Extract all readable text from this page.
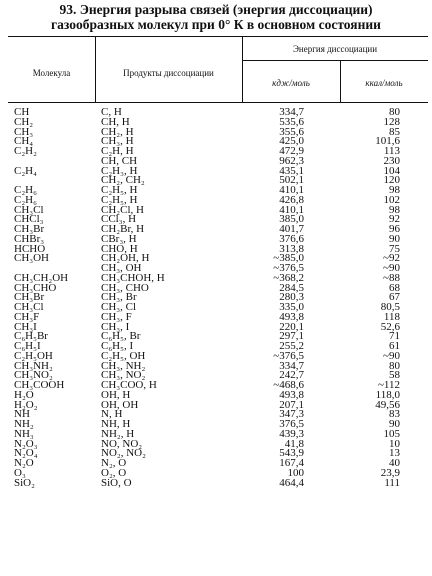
93. Энергия разрыва связей (энергия диссоциации)
газообразных молекул при 0° К в основном состоянии
Молекула	Продукты диссоциации
Энергия диссоциации
кдж/моль	ккал/моль
CH	C, H	334,7	80
CH₂	CH, H	535,6	128
CH₃	CH₂, H	355,6	85
CH₄	CH₃, H	425,0	101,6
C₂H₂	C₂H, H	472,9	113
	CH, CH	962,3	230
C₂H₄	C₂H₃, H	435,1	104
	CH₂, CH₂	502,1	120
C₂H₆	C₂H₅, H	410,1	98
C₂H₆	C₂H₅, H	426,8	102
CH₃Cl	CH₂Cl, H	410,1	98
CHCl₃	CCl₃, H	385,0	92
CH₃Br	CH₂Br, H	401,7	96
CHBr₃	CBr₃, H	376,6	90
HCHO	CHO, H	313,8	75
CH₃OH	CH₂OH, H	~385,0	~92
	CH₃, OH	~376,5	~90
CH₃CH₂OH	CH₃CHOH, H	~368,2	~88
CH₃CHO	CH₃, CHO	284,5	68
CH₃Br	CH₃, Br	280,3	67
CH₃Cl	CH₃, Cl	335,0	80,5
CH₃F	CH₃, F	493,8	118
CH₃I	CH₃, I	220,1	52,6
C₆H₅Br	C₆H₅, Br	297,1	71
C₆H₅I	C₆H₅, I	255,2	61
C₂H₅OH	C₂H₅, OH	~376,5	~90
CH₃NH₂	CH₃, NH₂	334,7	80
CH₃NO₂	CH₃, NO₂	242,7	58
CH₃COOH	CH₃COO, H	~468,6	~112
H₂O	OH, H	493,8	118,0
H₂O₂	OH, OH	207,1	49,56
NH	N, H	347,3	83
NH₂	NH, H	376,5	90
NH₃	NH₂, H	439,3	105
N₂O₃	NO, NO₂	41,8	10
N₂O₄	NO₂, NO₂	543,9	13
N₂O	N₂, O	167,4	40
O₃	O₂, O	100	23,9
SiO₂	SiO, O	464,4	111
